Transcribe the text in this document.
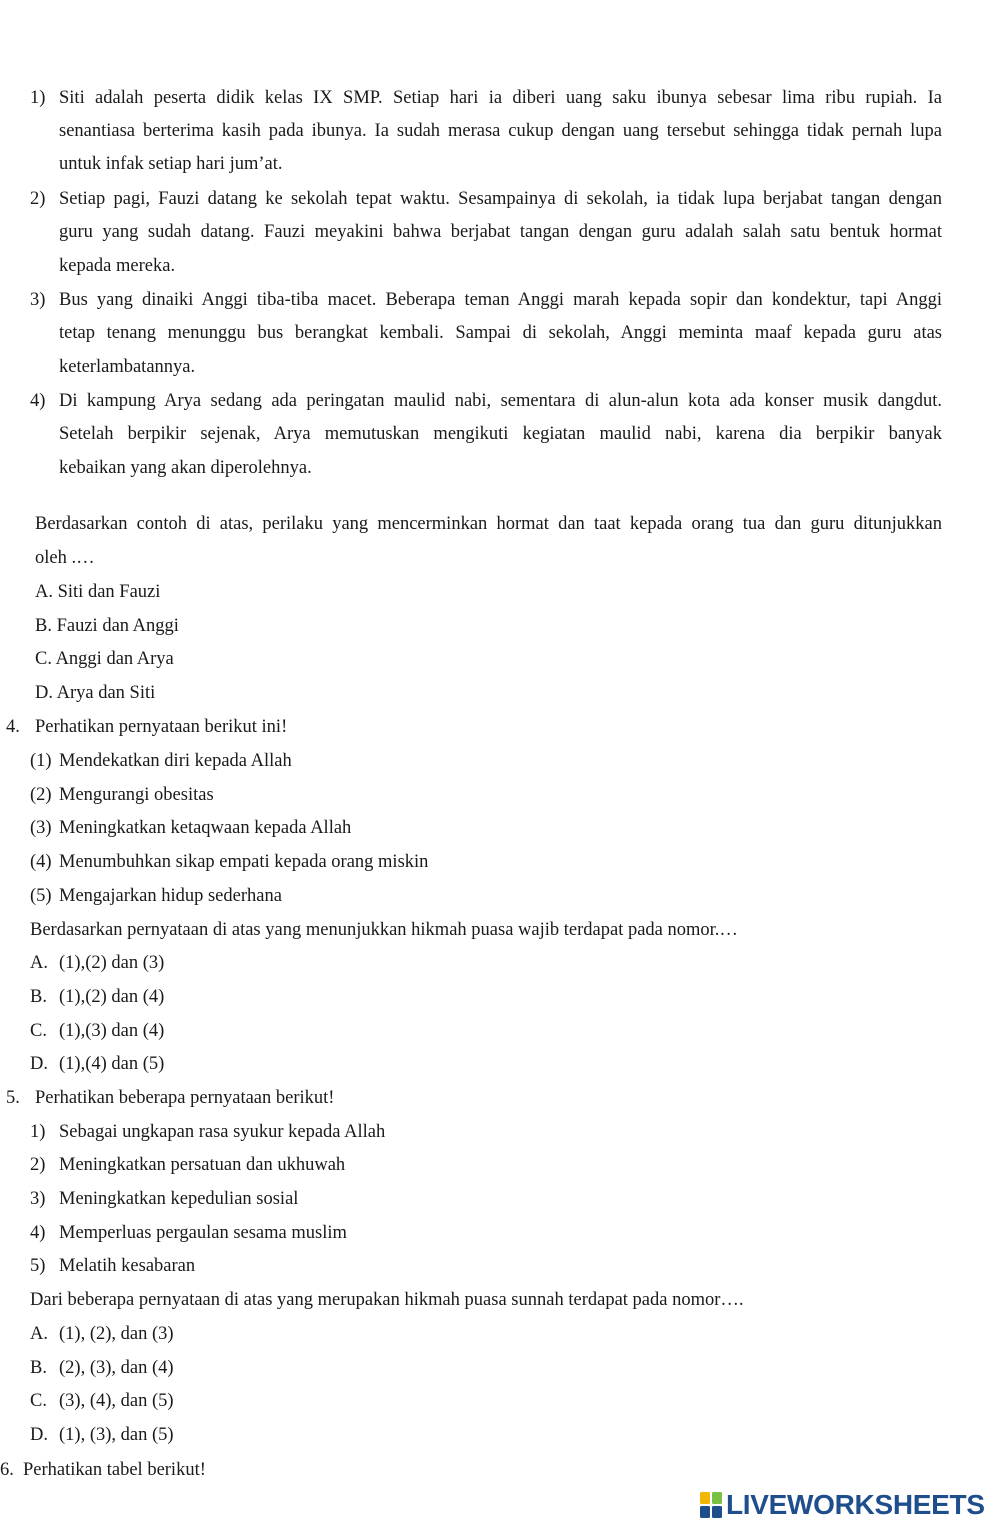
1) Siti adalah peserta didik kelas IX SMP. Setiap hari ia diberi uang saku ibunya sebesar lima ribu rupiah. Ia
senantiasa berterima kasih pada ibunya. Ia sudah merasa cukup dengan uang tersebut sehingga tidak pernah lupa
untuk infak setiap hari jum’at.
2) Setiap pagi, Fauzi datang ke sekolah tepat waktu. Sesampainya di sekolah, ia tidak lupa berjabat tangan dengan
guru yang sudah datang. Fauzi meyakini bahwa berjabat tangan dengan guru adalah salah satu bentuk hormat
kepada mereka.
3) Bus yang dinaiki Anggi tiba-tiba macet. Beberapa teman Anggi marah kepada sopir dan kondektur, tapi Anggi
tetap tenang menunggu bus berangkat kembali. Sampai di sekolah, Anggi meminta maaf kepada guru atas
keterlambatannya.
4) Di kampung Arya sedang ada peringatan maulid nabi, sementara di alun-alun kota ada konser musik dangdut.
Setelah berpikir sejenak, Arya memutuskan mengikuti kegiatan maulid nabi, karena dia berpikir banyak
kebaikan yang akan diperolehnya.
Berdasarkan contoh di atas, perilaku yang mencerminkan hormat dan taat kepada orang tua dan guru ditunjukkan
oleh .…
A. Siti dan Fauzi
B. Fauzi dan Anggi
C. Anggi dan Arya
D. Arya dan Siti
4. Perhatikan pernyataan berikut ini!
(1) Mendekatkan diri kepada Allah
(2) Mengurangi obesitas
(3) Meningkatkan ketaqwaan kepada Allah
(4) Menumbuhkan sikap empati kepada orang miskin
(5) Mengajarkan hidup sederhana
Berdasarkan pernyataan di atas yang menunjukkan hikmah puasa wajib terdapat pada nomor.…
A. (1),(2) dan (3)
B. (1),(2) dan (4)
C. (1),(3) dan (4)
D. (1),(4) dan (5)
5. Perhatikan beberapa pernyataan berikut!
1) Sebagai ungkapan rasa syukur kepada Allah
2) Meningkatkan persatuan dan ukhuwah
3) Meningkatkan kepedulian sosial
4) Memperluas pergaulan sesama muslim
5) Melatih kesabaran
Dari beberapa pernyataan di atas yang merupakan hikmah puasa sunnah terdapat pada nomor….
A. (1), (2), dan (3)
B. (2), (3), dan (4)
C. (3), (4), dan (5)
D. (1), (3), dan (5)
6. Perhatikan tabel berikut!
LIVEWORKSHEETS
